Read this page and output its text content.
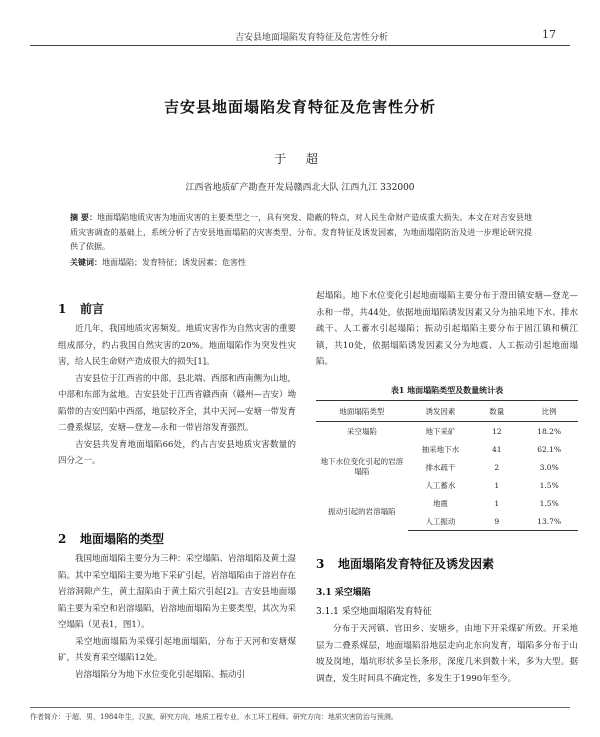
吉安县地面塌陷发育特征及危害性分析	17
吉安县地面塌陷发育特征及危害性分析
于 超
江西省地质矿产勘查开发局赣西北大队 江西九江 332000
摘 要：地面塌陷地质灾害为地面灾害的主要类型之一，具有突发、隐蔽的特点，对人民生命财产造成重大损失。本文在对吉安县地质灾害调查的基础上，系统分析了吉安县地面塌陷的灾害类型、分布、发育特征及诱发因素，为地面塌陷防治及进一步理论研究提供了依据。
关键词：地面塌陷；发育特征；诱发因素；危害性
1 前言

近几年，我国地质灾害频发。地质灾害作为自然灾害的重要组成部分，约占我国自然灾害的20%。地面塌陷作为突发性灾害，给人民生命财产造成很大的损失[1]。

吉安县位于江西省的中部，县北端、西部和西南侧为山地，中部和东部为盆地。吉安县处于江西省赣西南（赣州—吉安）坳陷带的吉安凹陷中西部，地层较齐全，其中天河—安塘一带发育二叠系煤层，安塘—登龙—永和一带岩溶发育强烈。

吉安县共发育地面塌陷66处，约占吉安县地质灾害数量的四分之一。

2 地面塌陷的类型

我国地面塌陷主要分为三种：采空塌陷、岩溶塌陷及黄土湿陷。其中采空塌陷主要为地下采矿引起，岩溶塌陷由于溶岩存在岩溶洞隙产生，黄土湿陷由于黄土陷穴引起[2]。吉安县地面塌陷主要为采空和岩溶塌陷，岩溶地面塌陷为主要类型，其次为采空塌陷（见表1，图1）。

采空地面塌陷为采煤引起地面塌陷，分布于天河和安塘煤矿，共发育采空塌陷12处。

岩溶塌陷分为地下水位变化引起塌陷、振动引

起塌陷。地下水位变化引起地面塌陷主要分布于澄田镇安塘—登龙—永和一带，共44处，依据地面塌陷诱发因素又分为抽采地下水、排水疏干、人工蓄水引起塌陷；振动引起塌陷主要分布于固江镇和横江镇，共10处，依据塌陷诱发因素又分为地震、人工振动引起地面塌陷。

表1 地面塌陷类型及数量统计表
地面塌陷类型	诱发因素	数量	比例
采空塌陷	地下采矿	12	18.2%
地下水位变化引起的岩溶塌陷	抽采地下水	41	62.1%
	排水疏干	2	3.0%
	人工蓄水	1	1.5%
振动引起的岩溶塌陷	地震	1	1.5%
	人工振动	9	13.7%
3 地面塌陷发育特征及诱发因素
3.1 采空塌陷
3.1.1 采空地面塌陷发育特征

分布于天河镇、官田乡、安塘乡，由地下开采煤矿所致。开采地层为二叠系煤层，地面塌陷沿地层走向北东向发育，塌陷多分布于山坡及岗地，塌坑形状多呈长条形，深度几米到数十米，多为大型。据调查，发生时间具不确定性，多发生于1990年至今。

作者简介：于超，男，1984年生，汉族，研究方向，地质工程专业，水工环工程师。研究方向：地质灾害防治与预测。
